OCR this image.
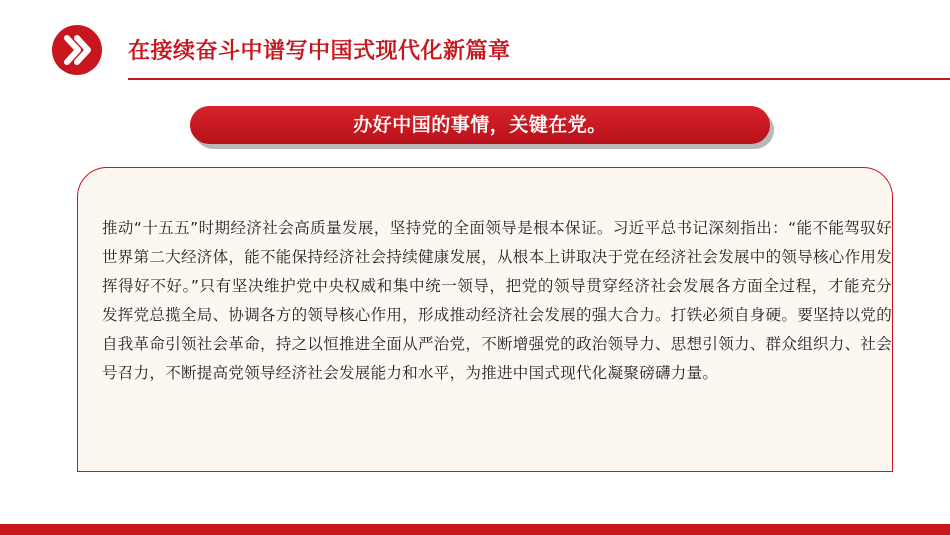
在接续奋斗中谱写中国式现代化新篇章
办好中国的事情，关键在党。
推动“十五五”时期经济社会高质量发展，坚持党的全面领导是根本保证。习近平总书记深刻指出：“能不能驾驭好世界第二大经济体，能不能保持经济社会持续健康发展，从根本上讲取决于党在经济社会发展中的领导核心作用发挥得好不好。”只有坚决维护党中央权威和集中统一领导，把党的领导贯穿经济社会发展各方面全过程，才能充分发挥党总揽全局、协调各方的领导核心作用，形成推动经济社会发展的强大合力。打铁必须自身硬。要坚持以党的自我革命引领社会革命，持之以恒推进全面从严治党，不断增强党的政治领导力、思想引领力、群众组织力、社会号召力，不断提高党领导经济社会发展能力和水平，为推进中国式现代化凝聚磅礴力量。
